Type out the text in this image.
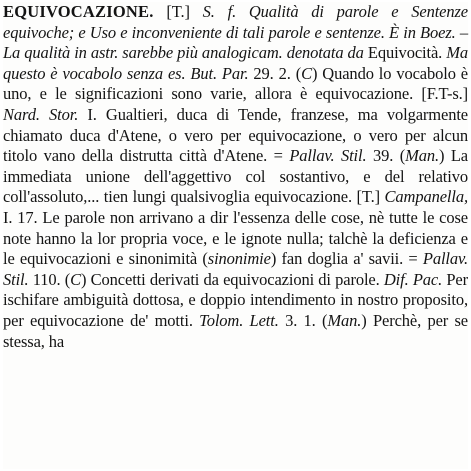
EQUIVOCAZIONE. [T.] S. f. Qualità di parole e Sentenze equivoche; e Uso e inconveniente di tali parole e sentenze. È in Boez. – La qualità in astr. sarebbe più analogicam. denotata da Equivocità. Ma questo è vocabolo senza es. But. Par. 29. 2. (C) Quando lo vocabolo è uno, e le significazioni sono varie, allora è equivocazione. [F.T-s.] Nard. Stor. I. Gualtieri, duca di Tende, franzese, ma volgarmente chiamato duca d'Atene, o vero per equivocazione, o vero per alcun titolo vano della distrutta città d'Atene. = Pallav. Stil. 39. (Man.) La immediata unione dell'aggettivo col sostantivo, e del relativo coll'assoluto,... tien lungi qualsivoglia equivocazione. [T.] Campanella, I. 17. Le parole non arrivano a dir l'essenza delle cose, nè tutte le cose note hanno la lor propria voce, e le ignote nulla; talchè la deficienza e le equivocazioni e sinonimità (sinonimie) fan doglia a' savii. = Pallav. Stil. 110. (C) Concetti derivati da equivocazioni di parole. Dif. Pac. Per ischifare ambiguità dottosa, e doppio intendimento in nostro proposito, per equivocazione de' motti. Tolom. Lett. 3. 1. (Man.) Perchè, per se stessa, ha
